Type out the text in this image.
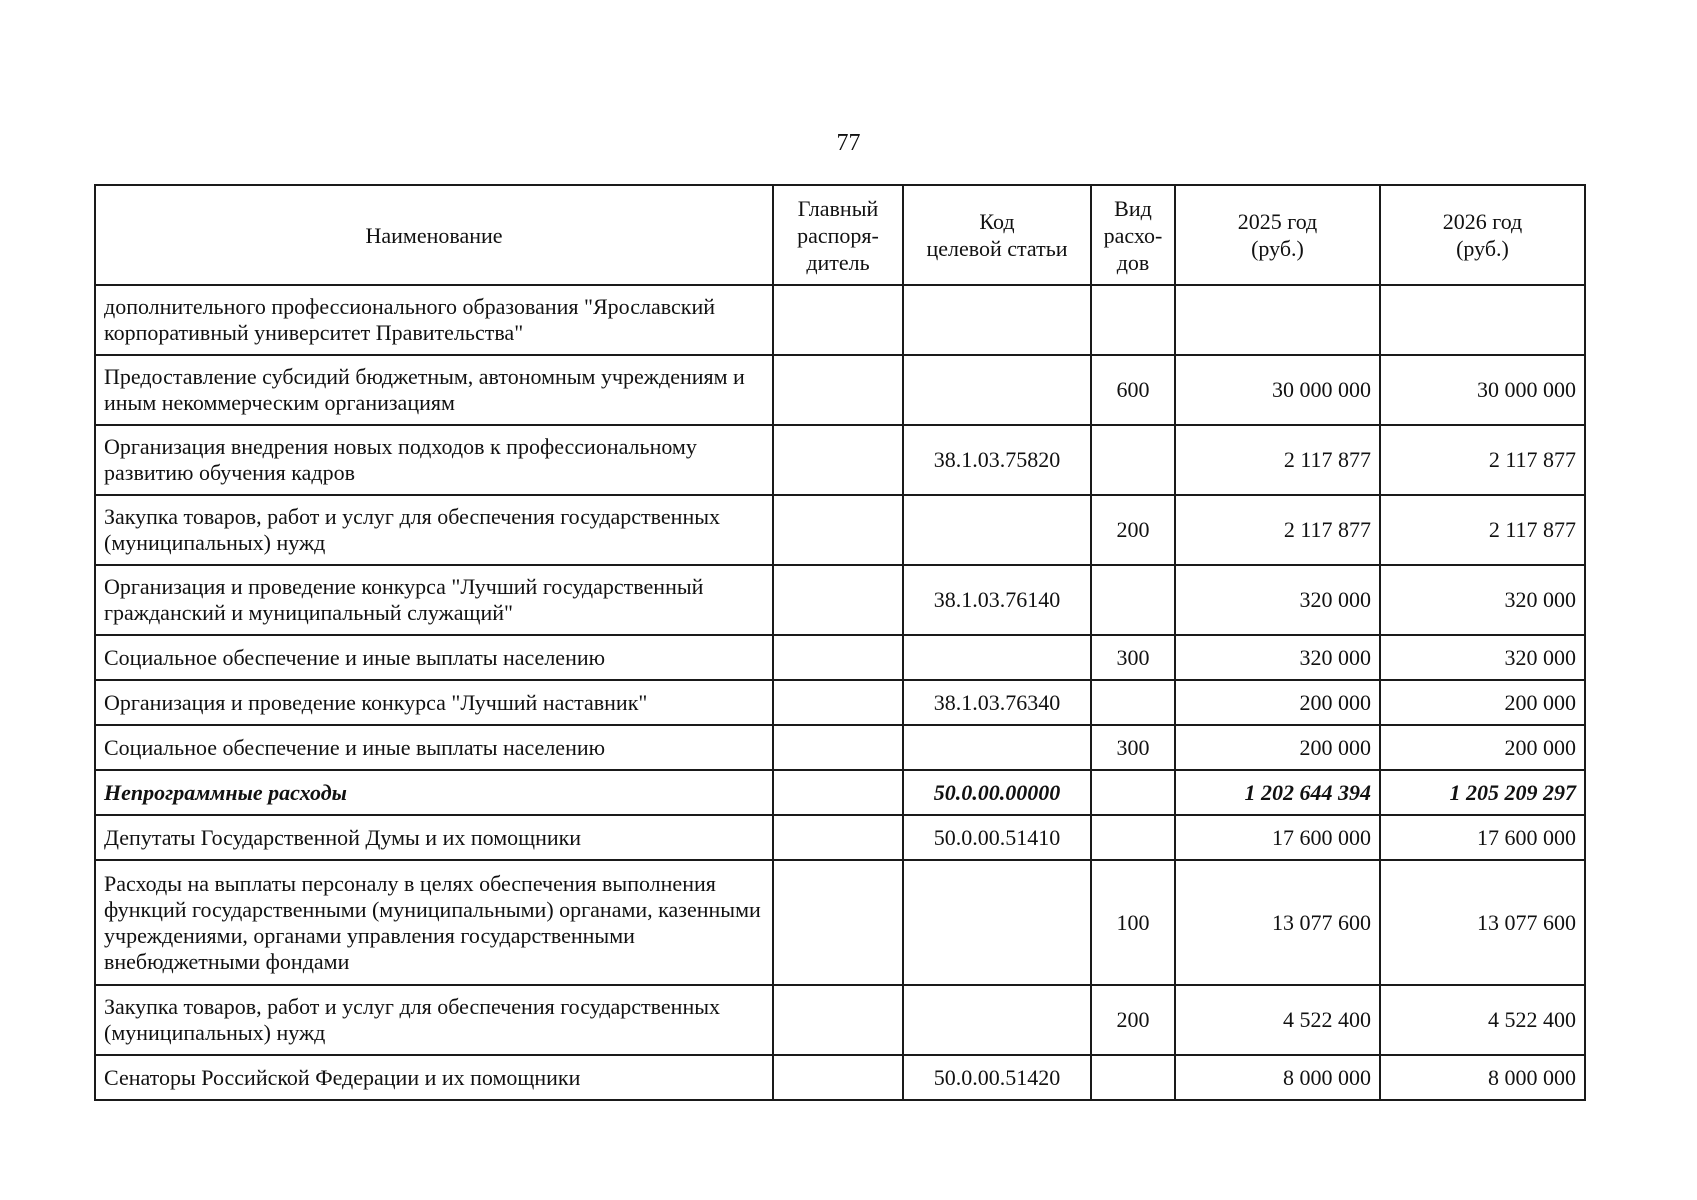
77
Наименование	Главный
распоря-
дитель	Код
целевой статьи	Вид
расхо-
дов	2025 год
(руб.)	2026 год
(руб.)
дополнительного профессионального образования "Ярославский корпоративный университет Правительства"					
Предоставление субсидий бюджетным, автономным учреждениям и иным некоммерческим организациям			600	30 000 000	30 000 000
Организация внедрения новых подходов к профессиональному развитию обучения кадров		38.1.03.75820		2 117 877	2 117 877
Закупка товаров, работ и услуг для обеспечения государственных (муниципальных) нужд			200	2 117 877	2 117 877
Организация и проведение конкурса "Лучший государственный гражданский и муниципальный служащий"		38.1.03.76140		320 000	320 000
Социальное обеспечение и иные выплаты населению			300	320 000	320 000
Организация и проведение конкурса "Лучший наставник"		38.1.03.76340		200 000	200 000
Социальное обеспечение и иные выплаты населению			300	200 000	200 000
Непрограммные расходы		50.0.00.00000		1 202 644 394	1 205 209 297
Депутаты Государственной Думы и их помощники		50.0.00.51410		17 600 000	17 600 000
Расходы на выплаты персоналу в целях обеспечения выполнения функций государственными (муниципальными) органами, казенными учреждениями, органами управления государственными внебюджетными фондами			100	13 077 600	13 077 600
Закупка товаров, работ и услуг для обеспечения государственных (муниципальных) нужд			200	4 522 400	4 522 400
Сенаторы Российской Федерации и их помощники		50.0.00.51420		8 000 000	8 000 000
